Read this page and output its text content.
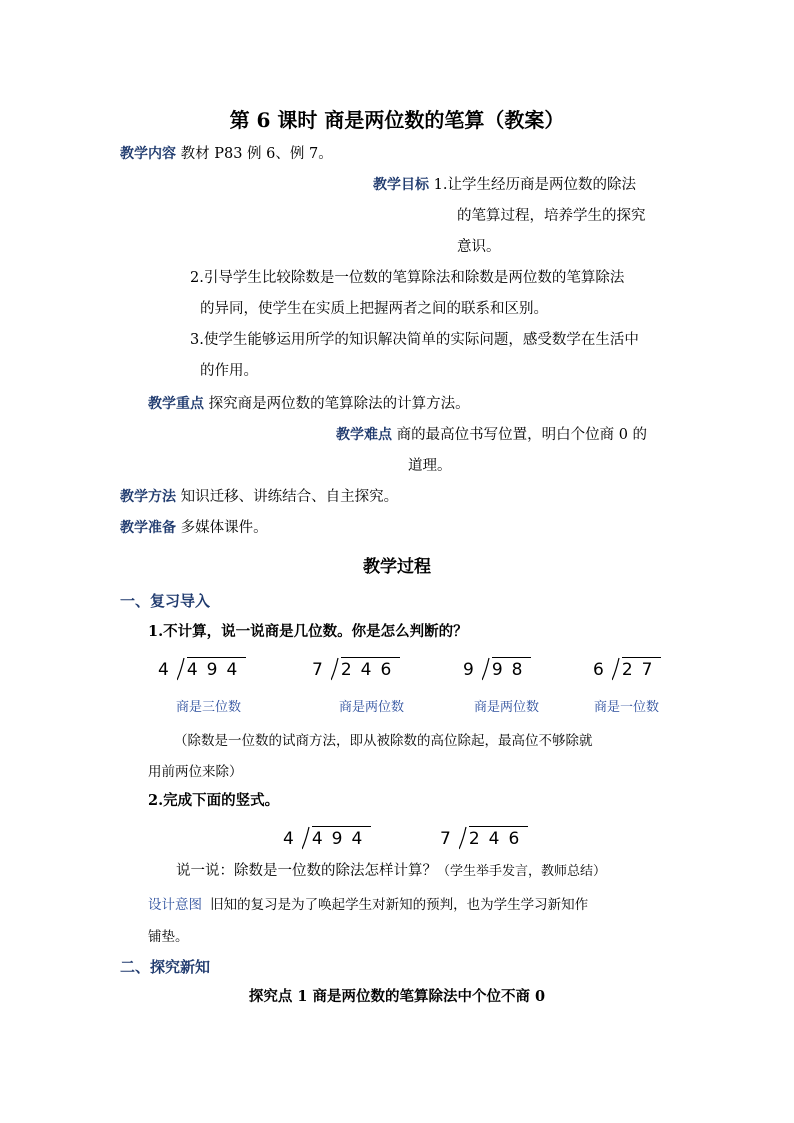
第 6 课时 商是两位数的笔算（教案）
教学内容 教材 P83 例 6、例 7。
教学目标 1.让学生经历商是两位数的除法
的笔算过程，培养学生的探究
意识。
2.引导学生比较除数是一位数的笔算除法和除数是两位数的笔算除法
的异同，使学生在实质上把握两者之间的联系和区别。
3.使学生能够运用所学的知识解决简单的实际问题，感受数学在生活中
的作用。
教学重点 探究商是两位数的笔算除法的计算方法。
教学难点 商的最高位书写位置，明白个位商 0 的
道理。
教学方法 知识迁移、讲练结合、自主探究。
教学准备 多媒体课件。
教学过程
一、复习导入
1.不计算，说一说商是几位数。你是怎么判断的？
4 494	7 246	9 98	6 27
商是三位数	商是两位数	商是两位数	商是一位数
（除数是一位数的试商方法，即从被除数的高位除起，最高位不够除就
用前两位来除）
2.完成下面的竖式。
4 494	7 246
说一说：除数是一位数的除法怎样计算？（学生举手发言，教师总结）
设计意图 旧知的复习是为了唤起学生对新知的预判，也为学生学习新知作
铺垫。
二、探究新知
探究点 1 商是两位数的笔算除法中个位不商 0
